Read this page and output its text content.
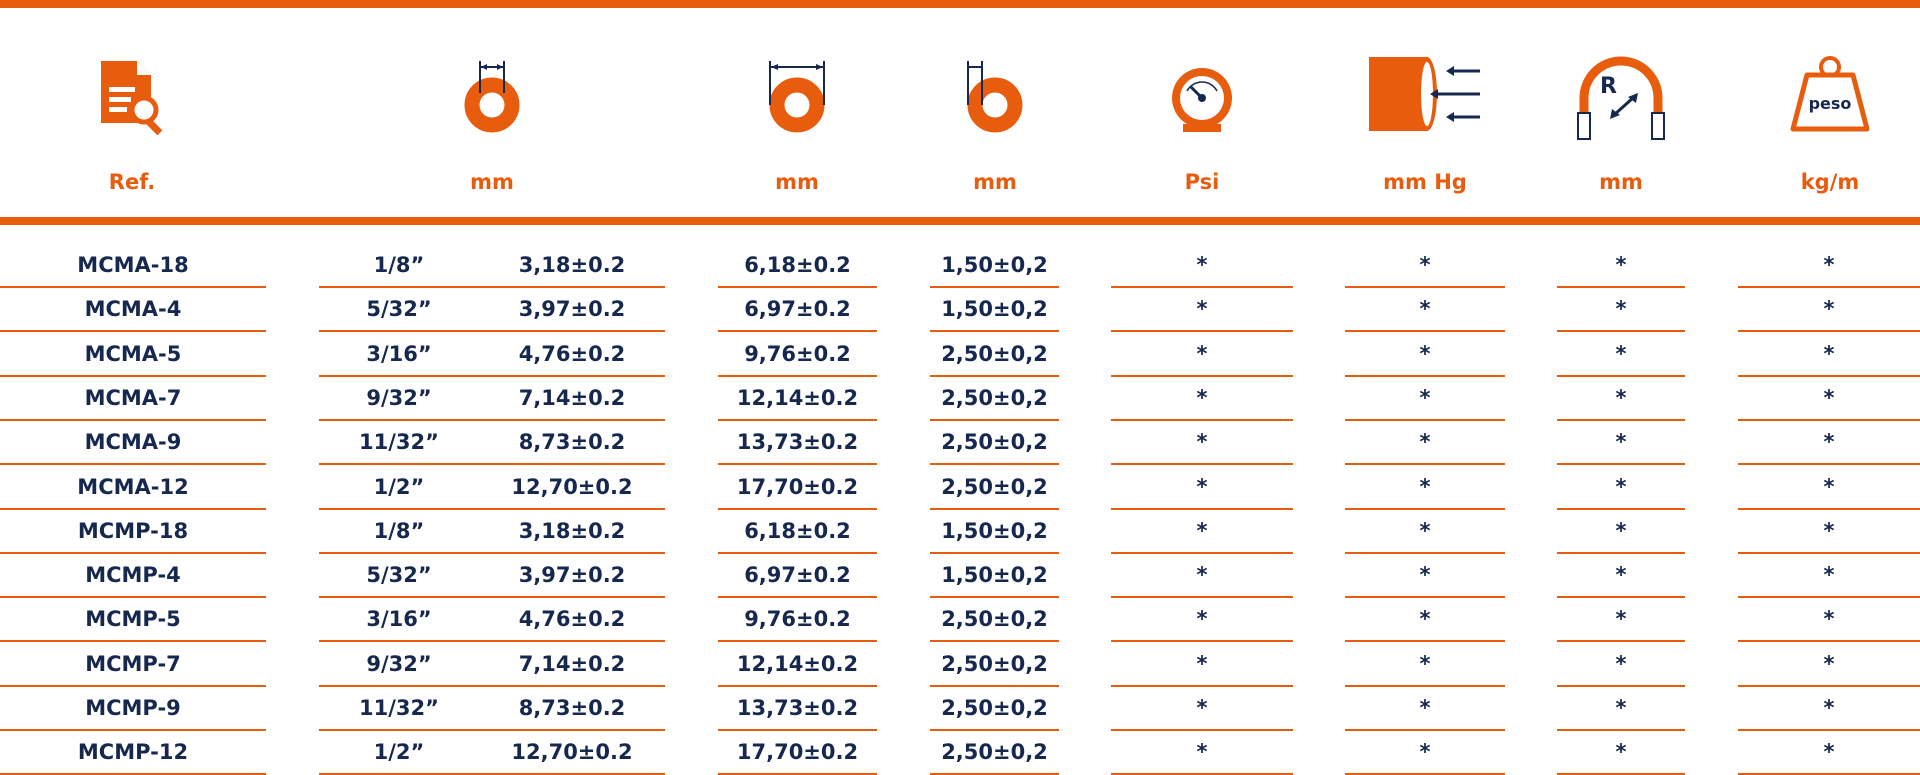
R
peso
Ref.	mm	mm	mm	Psi	mm Hg	mm	kg/m
MCMA-18	1/8”	3,18±0.2	6,18±0.2	1,50±0,2	*	*	*	*
MCMA-4	5/32”	3,97±0.2	6,97±0.2	1,50±0,2	*	*	*	*
MCMA-5	3/16”	4,76±0.2	9,76±0.2	2,50±0,2	*	*	*	*
MCMA-7	9/32”	7,14±0.2	12,14±0.2	2,50±0,2	*	*	*	*
MCMA-9	11/32”	8,73±0.2	13,73±0.2	2,50±0,2	*	*	*	*
MCMA-12	1/2”	12,70±0.2	17,70±0.2	2,50±0,2	*	*	*	*
MCMP-18	1/8”	3,18±0.2	6,18±0.2	1,50±0,2	*	*	*	*
MCMP-4	5/32”	3,97±0.2	6,97±0.2	1,50±0,2	*	*	*	*
MCMP-5	3/16”	4,76±0.2	9,76±0.2	2,50±0,2	*	*	*	*
MCMP-7	9/32”	7,14±0.2	12,14±0.2	2,50±0,2	*	*	*	*
MCMP-9	11/32”	8,73±0.2	13,73±0.2	2,50±0,2	*	*	*	*
MCMP-12	1/2”	12,70±0.2	17,70±0.2	2,50±0,2	*	*	*	*
